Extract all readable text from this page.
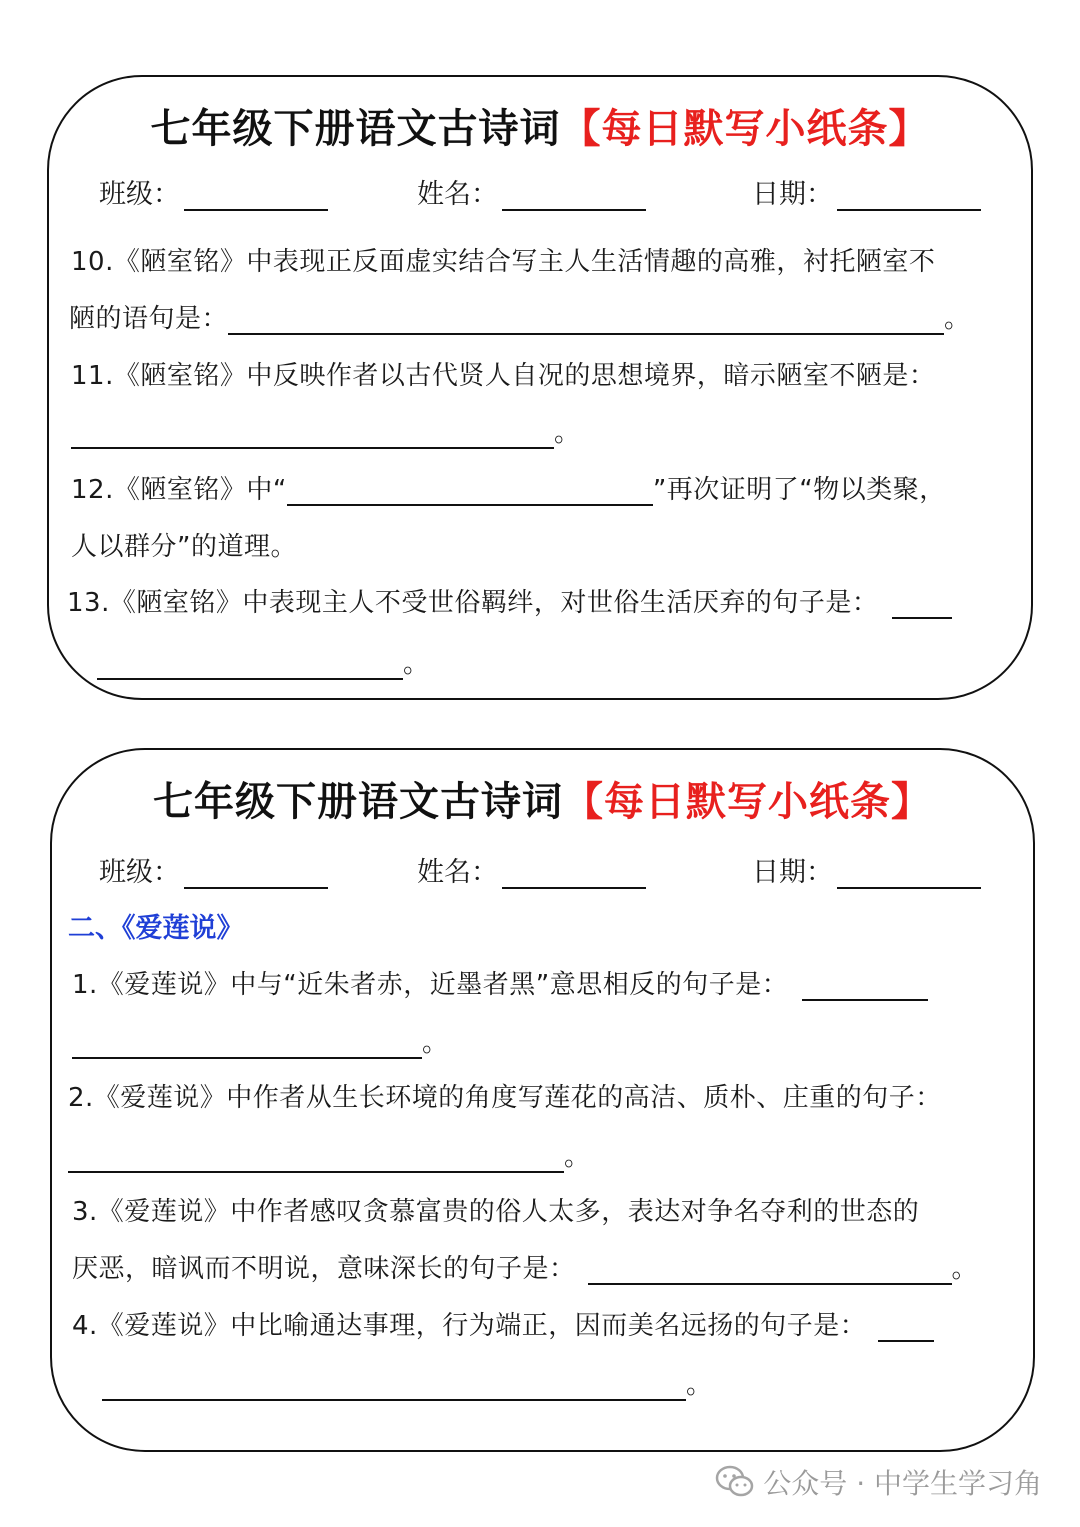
七年级下册语文古诗词【每日默写小纸条】
班级：	姓名：	日期：
10.《陋室铭》中表现正反面虚实结合写主人生活情趣的高雅，衬托陋室不
陋的语句是：	。
11.《陋室铭》中反映作者以古代贤人自况的思想境界，暗示陋室不陋是：
。
12.《陋室铭》中“	”再次证明了“物以类聚，
人以群分”的道理。
13.《陋室铭》中表现主人不受世俗羁绊，对世俗生活厌弃的句子是：
。
七年级下册语文古诗词【每日默写小纸条】
班级：	姓名：	日期：
二、《爱莲说》
1.《爱莲说》中与“近朱者赤，近墨者黑”意思相反的句子是：
。
2.《爱莲说》中作者从生长环境的角度写莲花的高洁、质朴、庄重的句子：
。
3.《爱莲说》中作者感叹贪慕富贵的俗人太多，表达对争名夺利的世态的
厌恶，暗讽而不明说，意味深长的句子是：	。
4.《爱莲说》中比喻通达事理，行为端正，因而美名远扬的句子是：
。
公众号 · 中学生学习角
